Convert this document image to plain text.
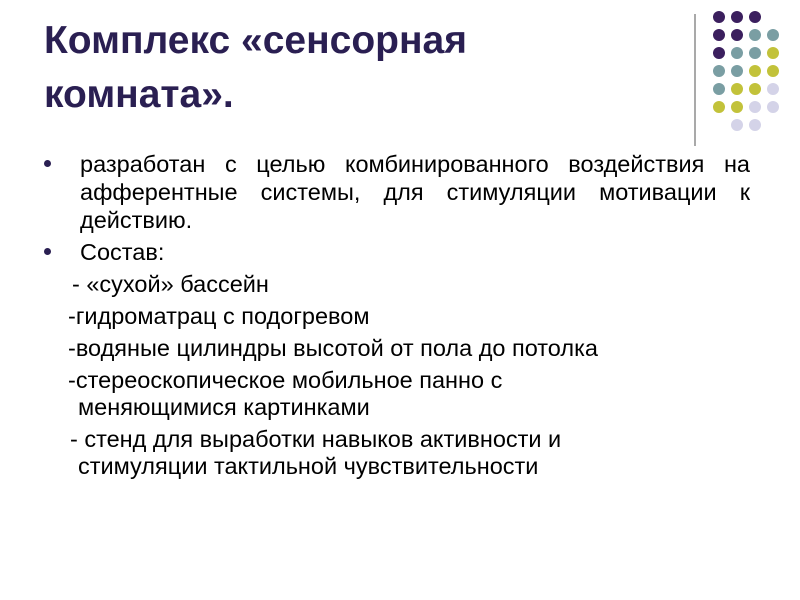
Комплекс «сенсорная комната».
разработан с целью комбинированного воздействия на афферентные системы, для стимуляции мотивации к действию.
Состав:
- «сухой» бассейн
-гидроматрац с подогревом
-водяные цилиндры высотой от пола до потолка
-стереоскопическое мобильное панно с
меняющимися картинками
- стенд для выработки навыков активности и
стимуляции тактильной чувствительности
